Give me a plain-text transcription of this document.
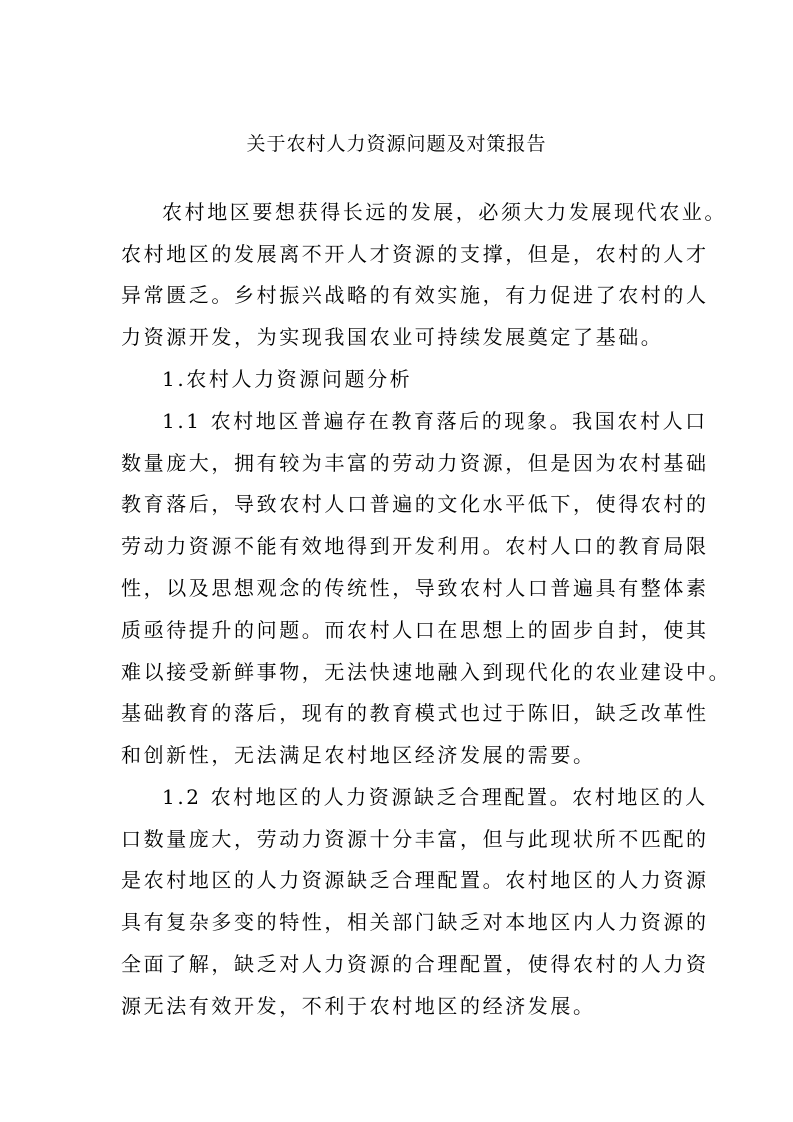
关于农村人力资源问题及对策报告
农村地区要想获得长远的发展，必须大力发展现代农业。
农村地区的发展离不开人才资源的支撑，但是，农村的人才
异常匮乏。乡村振兴战略的有效实施，有力促进了农村的人
力资源开发，为实现我国农业可持续发展奠定了基础。
1.农村人力资源问题分析
1.1 农村地区普遍存在教育落后的现象。我国农村人口
数量庞大，拥有较为丰富的劳动力资源，但是因为农村基础
教育落后，导致农村人口普遍的文化水平低下，使得农村的
劳动力资源不能有效地得到开发利用。农村人口的教育局限
性，以及思想观念的传统性，导致农村人口普遍具有整体素
质亟待提升的问题。而农村人口在思想上的固步自封，使其
难以接受新鲜事物，无法快速地融入到现代化的农业建设中。
基础教育的落后，现有的教育模式也过于陈旧，缺乏改革性
和创新性，无法满足农村地区经济发展的需要。
1.2 农村地区的人力资源缺乏合理配置。农村地区的人
口数量庞大，劳动力资源十分丰富，但与此现状所不匹配的
是农村地区的人力资源缺乏合理配置。农村地区的人力资源
具有复杂多变的特性，相关部门缺乏对本地区内人力资源的
全面了解，缺乏对人力资源的合理配置，使得农村的人力资
源无法有效开发，不利于农村地区的经济发展。
